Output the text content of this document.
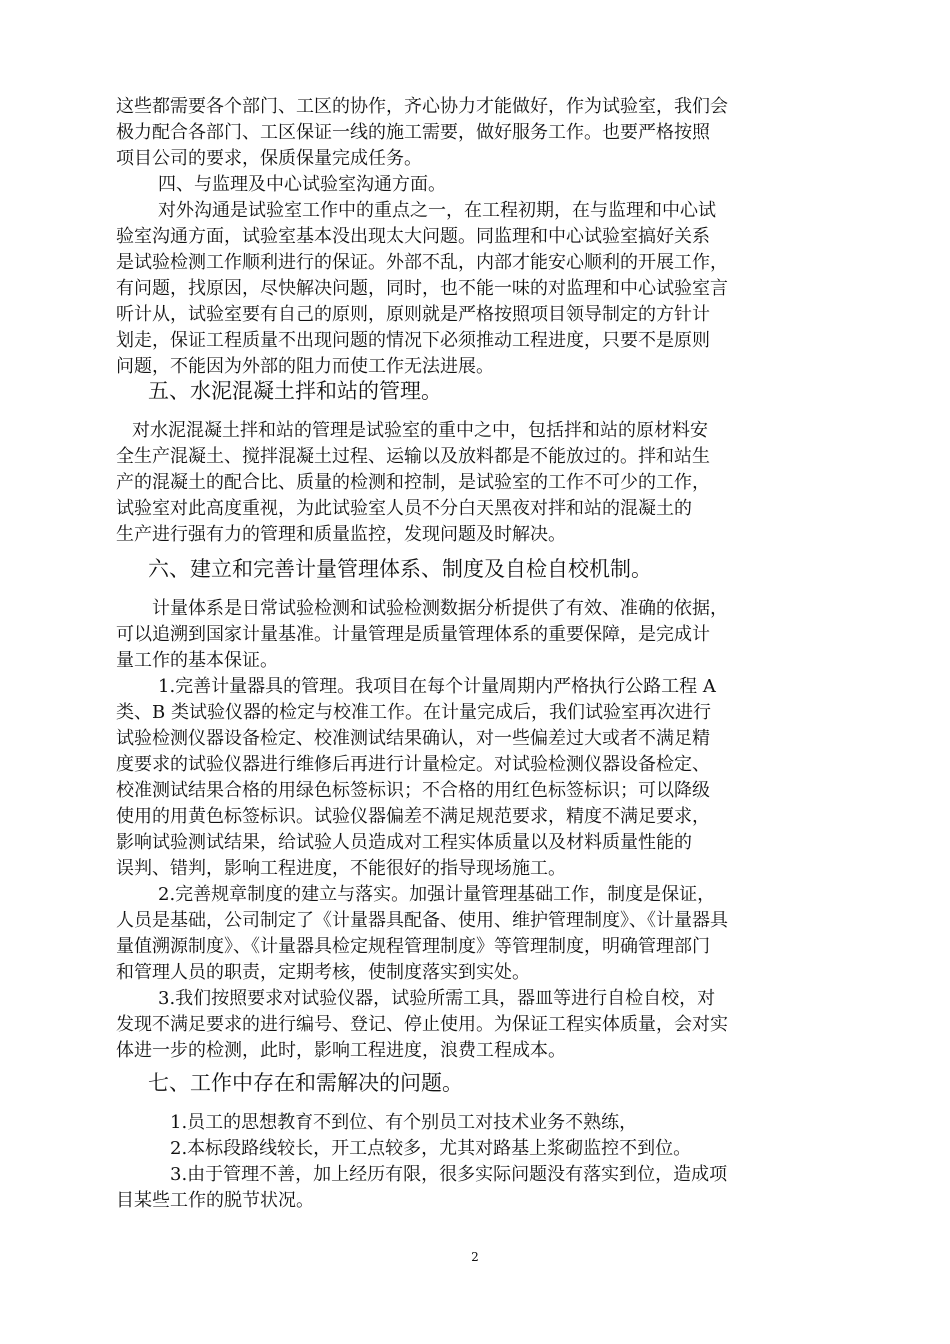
这些都需要各个部门、工区的协作，齐心协力才能做好，作为试验室，我们会
极力配合各部门、工区保证一线的施工需要，做好服务工作。也要严格按照
项目公司的要求，保质保量完成任务。
四、与监理及中心试验室沟通方面。
对外沟通是试验室工作中的重点之一，在工程初期，在与监理和中心试
验室沟通方面，试验室基本没出现太大问题。同监理和中心试验室搞好关系
是试验检测工作顺利进行的保证。外部不乱，内部才能安心顺利的开展工作，
有问题，找原因，尽快解决问题，同时，也不能一味的对监理和中心试验室言
听计从，试验室要有自己的原则，原则就是严格按照项目领导制定的方针计
划走，保证工程质量不出现问题的情况下必须推动工程进度，只要不是原则
问题，不能因为外部的阻力而使工作无法进展。
五、水泥混凝土拌和站的管理。
对水泥混凝土拌和站的管理是试验室的重中之中，包括拌和站的原材料安
全生产混凝土、搅拌混凝土过程、运输以及放料都是不能放过的。拌和站生
产的混凝土的配合比、质量的检测和控制，是试验室的工作不可少的工作，
试验室对此高度重视，为此试验室人员不分白天黑夜对拌和站的混凝土的
生产进行强有力的管理和质量监控，发现问题及时解决。
六、建立和完善计量管理体系、制度及自检自校机制。
计量体系是日常试验检测和试验检测数据分析提供了有效、准确的依据，
可以追溯到国家计量基准。计量管理是质量管理体系的重要保障，是完成计
量工作的基本保证。
1.完善计量器具的管理。我项目在每个计量周期内严格执行公路工程 A
类、B 类试验仪器的检定与校准工作。在计量完成后，我们试验室再次进行
试验检测仪器设备检定、校准测试结果确认，对一些偏差过大或者不满足精
度要求的试验仪器进行维修后再进行计量检定。对试验检测仪器设备检定、
校准测试结果合格的用绿色标签标识；不合格的用红色标签标识；可以降级
使用的用黄色标签标识。试验仪器偏差不满足规范要求，精度不满足要求，
影响试验测试结果，给试验人员造成对工程实体质量以及材料质量性能的
误判、错判，影响工程进度，不能很好的指导现场施工。
2.完善规章制度的建立与落实。加强计量管理基础工作，制度是保证，
人员是基础，公司制定了《计量器具配备、使用、维护管理制度》、《计量器具
量值溯源制度》、《计量器具检定规程管理制度》等管理制度，明确管理部门
和管理人员的职责，定期考核，使制度落实到实处。
3.我们按照要求对试验仪器，试验所需工具，器皿等进行自检自校，对
发现不满足要求的进行编号、登记、停止使用。为保证工程实体质量，会对实
体进一步的检测，此时，影响工程进度，浪费工程成本。
七、工作中存在和需解决的问题。
1.员工的思想教育不到位、有个别员工对技术业务不熟练，
2.本标段路线较长，开工点较多，尤其对路基上浆砌监控不到位。
3.由于管理不善，加上经历有限，很多实际问题没有落实到位，造成项
目某些工作的脱节状况。
2
